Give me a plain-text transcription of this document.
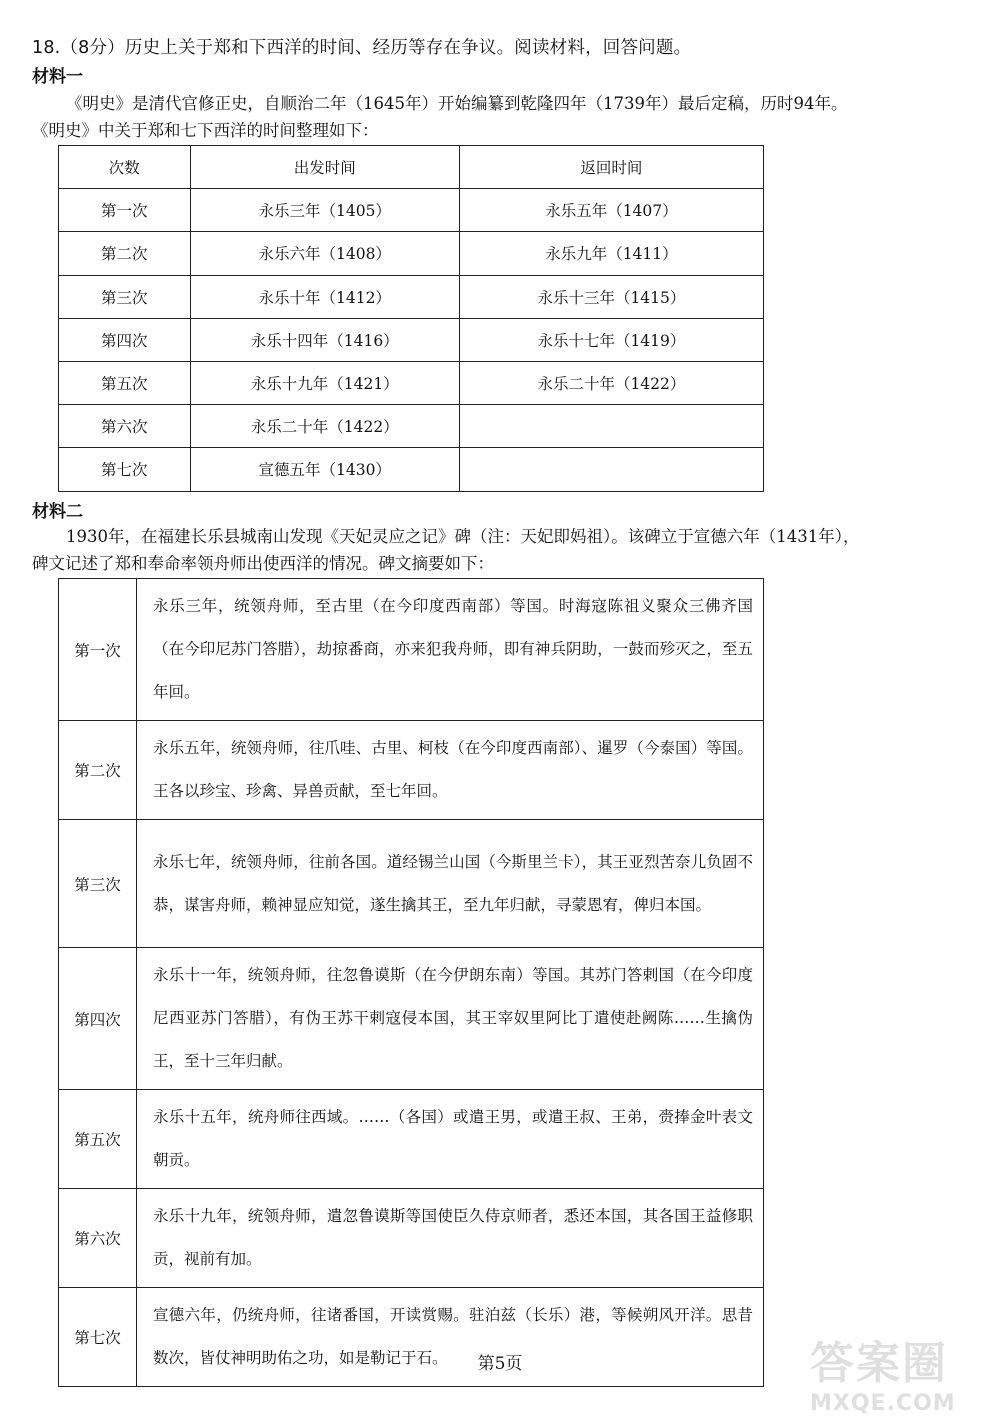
18.（8分）历史上关于郑和下西洋的时间、经历等存在争议。阅读材料，回答问题。
材料一
《明史》是清代官修正史，自顺治二年（1645年）开始编纂到乾隆四年（1739年）最后定稿，历时94年。
《明史》中关于郑和七下西洋的时间整理如下：
次数	出发时间	返回时间
第一次	永乐三年（1405）	永乐五年（1407）
第二次	永乐六年（1408）	永乐九年（1411）
第三次	永乐十年（1412）	永乐十三年（1415）
第四次	永乐十四年（1416）	永乐十七年（1419）
第五次	永乐十九年（1421）	永乐二十年（1422）
第六次	永乐二十年（1422）	
第七次	宣德五年（1430）	
材料二
1930年，在福建长乐县城南山发现《天妃灵应之记》碑（注：天妃即妈祖）。该碑立于宣德六年（1431年），
碑文记述了郑和奉命率领舟师出使西洋的情况。碑文摘要如下：
第一次	永乐三年，统领舟师，至古里（在今印度西南部）等国。时海寇陈祖义聚众三佛齐国（在今印尼苏门答腊），劫掠番商，亦来犯我舟师，即有神兵阴助，一鼓而殄灭之，至五年回。
第二次	永乐五年，统领舟师，往爪哇、古里、柯枝（在今印度西南部）、暹罗（今泰国）等国。王各以珍宝、珍禽、异兽贡献，至七年回。
第三次	永乐七年，统领舟师，往前各国。道经锡兰山国（今斯里兰卡），其王亚烈苦奈儿负固不恭，谋害舟师，赖神显应知觉，遂生擒其王，至九年归献，寻蒙恩宥，俾归本国。
第四次	永乐十一年，统领舟师，往忽鲁谟斯（在今伊朗东南）等国。其苏门答剌国（在今印度尼西亚苏门答腊），有伪王苏干剌寇侵本国，其王宰奴里阿比丁遣使赴阙陈……生擒伪王，至十三年归献。
第五次	永乐十五年，统舟师往西域。……（各国）或遣王男，或遣王叔、王弟，赍捧金叶表文朝贡。
第六次	永乐十九年，统领舟师，遣忽鲁谟斯等国使臣久侍京师者，悉还本国，其各国王益修职贡，视前有加。
第七次	宣德六年，仍统舟师，往诸番国，开读赏赐。驻泊兹（长乐）港，等候朔风开洋。思昔数次，皆仗神明助佑之功，如是勒记于石。	第5页	答案圈
MXQE.COM
